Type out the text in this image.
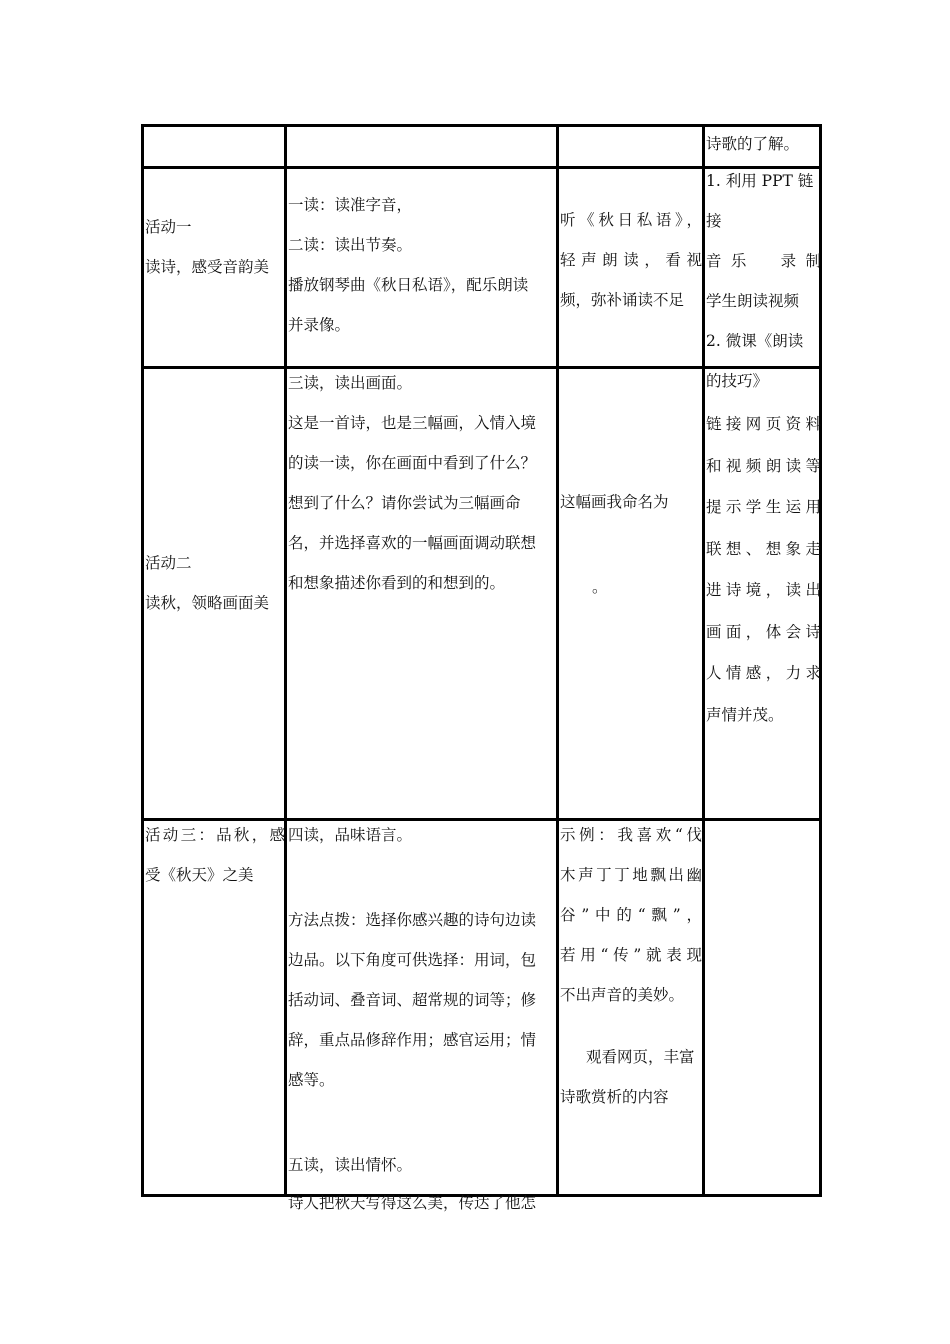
诗歌的了解。

活动一

读诗，感受音韵美

一读：读准字音，

二读：读出节奏。

播放钢琴曲《秋日私语》，配乐朗读

并录像。

听《秋日私语》，

轻声朗读，看视

频，弥补诵读不足

1. 利用 PPT 链接

音乐　录制

学生朗读视频

2. 微课《朗读

的技巧》

活动二

读秋，领略画面美

三读，读出画面。

这是一首诗，也是三幅画，入情入境

的读一读，你在画面中看到了什么？

想到了什么？请你尝试为三幅画命

名，并选择喜欢的一幅画面调动联想

和想象描述你看到的和想到的。

这幅画我命名为

。

链接网页资料

和视频朗读等

提示学生运用

联想、想象走

进诗境，读出

画面，体会诗

人情感，力求

声情并茂。

活动三：品秋，感

受《秋天》之美

四读，品味语言。

方法点拨：选择你感兴趣的诗句边读

边品。以下角度可供选择：用词，包

括动词、叠音词、超常规的词等；修

辞，重点品修辞作用；感官运用；情

感等。

五读，读出情怀。

诗人把秋天写得这么美，传达了他怎

示例：我喜欢“伐

木声丁丁地飘出幽

谷”中的“飘”，

若用“传”就表现

不出声音的美妙。

观看网页，丰富

诗歌赏析的内容
